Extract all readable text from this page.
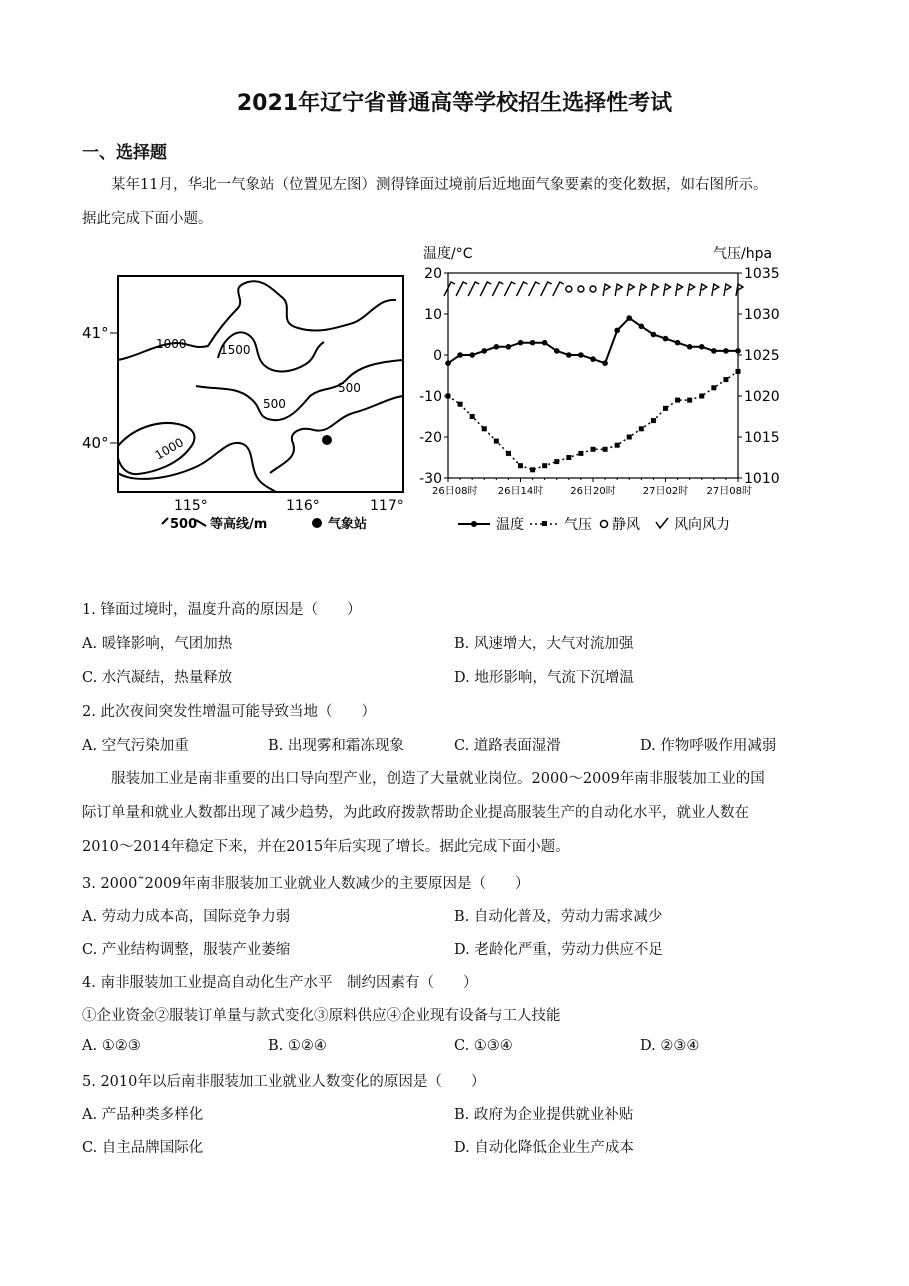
2021年辽宁省普通高等学校招生选择性考试
一、选择题
某年11月，华北一气象站（位置见左图）测得锋面过境前后近地面气象要素的变化数据，如右图所示。
据此完成下面小题。
1000	1500
500
500
1000
41°
40°
115°	116°	117°
500 等高线/m	气象站
温度/°C	气压/hpa
20
10
0
-10
-20
-30
1035
1030
1025
1020
1015
1010
26日08时 26日14时	26日20时	27日02时 27日08时
温度	气压 静风 风向风力
1. 锋面过境时，温度升高的原因是（　　）
A. 暖锋影响，气团加热	B. 风速增大，大气对流加强
C. 水汽凝结，热量释放	D. 地形影响，气流下沉增温
2. 此次夜间突发性增温可能导致当地（　　）
A. 空气污染加重	B. 出现雾和霜冻现象	C. 道路表面湿滑	D. 作物呼吸作用减弱
服装加工业是南非重要的出口导向型产业，创造了大量就业岗位。2000～2009年南非服装加工业的国
际订单量和就业人数都出现了减少趋势，为此政府拨款帮助企业提高服装生产的自动化水平，就业人数在
2010～2014年稳定下来，并在2015年后实现了增长。据此完成下面小题。
3. 2000˜2009年南非服装加工业就业人数减少的主要原因是（　　）
A. 劳动力成本高，国际竞争力弱	B. 自动化普及，劳动力需求减少
C. 产业结构调整，服装产业萎缩	D. 老龄化严重，劳动力供应不足
4. 南非服装加工业提高自动化生产水平　制约因素有（　　）
①企业资金②服装订单量与款式变化③原料供应④企业现有设备与工人技能
A. ①②③	B. ①②④	C. ①③④	D. ②③④
5. 2010年以后南非服装加工业就业人数变化的原因是（　　）
A. 产品种类多样化	B. 政府为企业提供就业补贴
C. 自主品牌国际化	D. 自动化降低企业生产成本
